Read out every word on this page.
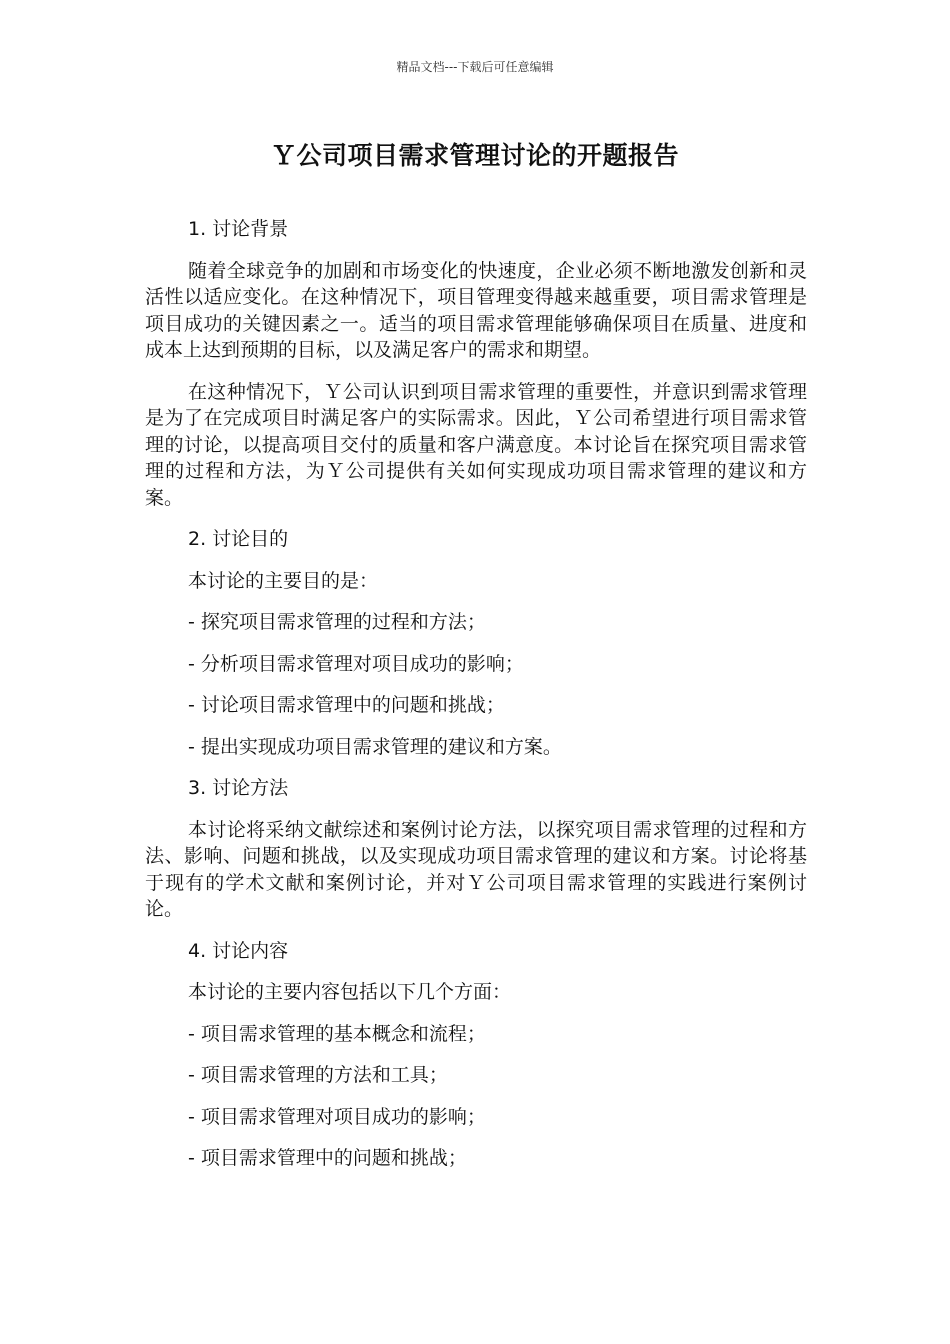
精品文档---下载后可任意编辑
Ｙ公司项目需求管理讨论的开题报告
1. 讨论背景
随着全球竞争的加剧和市场变化的快速度，企业必须不断地激发创新和灵活性以适应变化。在这种情况下，项目管理变得越来越重要，项目需求管理是项目成功的关键因素之一。适当的项目需求管理能够确保项目在质量、进度和成本上达到预期的目标，以及满足客户的需求和期望。
在这种情况下，Ｙ公司认识到项目需求管理的重要性，并意识到需求管理是为了在完成项目时满足客户的实际需求。因此，Ｙ公司希望进行项目需求管理的讨论，以提高项目交付的质量和客户满意度。本讨论旨在探究项目需求管理的过程和方法，为Ｙ公司提供有关如何实现成功项目需求管理的建议和方案。
2. 讨论目的
本讨论的主要目的是：
- 探究项目需求管理的过程和方法；
- 分析项目需求管理对项目成功的影响；
- 讨论项目需求管理中的问题和挑战；
- 提出实现成功项目需求管理的建议和方案。
3. 讨论方法
本讨论将采纳文献综述和案例讨论方法，以探究项目需求管理的过程和方法、影响、问题和挑战，以及实现成功项目需求管理的建议和方案。讨论将基于现有的学术文献和案例讨论，并对Ｙ公司项目需求管理的实践进行案例讨论。
4. 讨论内容
本讨论的主要内容包括以下几个方面：
- 项目需求管理的基本概念和流程；
- 项目需求管理的方法和工具；
- 项目需求管理对项目成功的影响；
- 项目需求管理中的问题和挑战；
